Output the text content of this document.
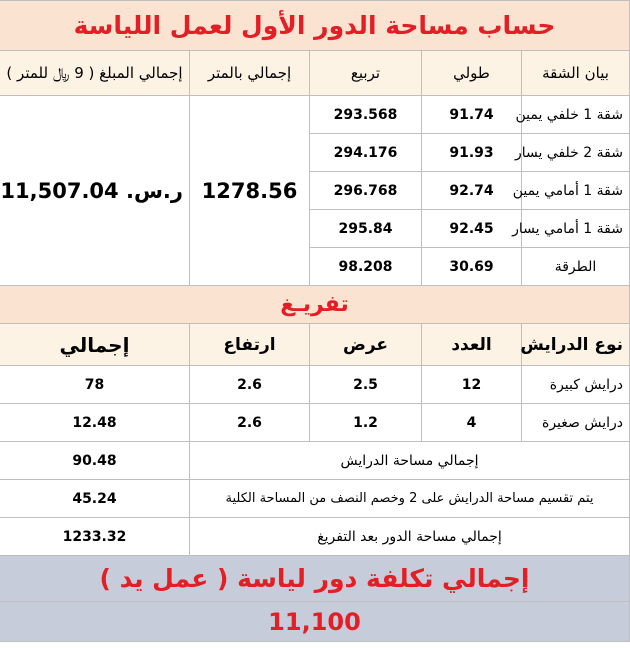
حساب مساحة الدور الأول لعمل اللياسة				
بيان الشقة	طولي	تربيع	إجمالي بالمتر	إجمالي المبلغ ( 9 ﷼ للمتر )
شقة 1 خلفي يمين	91.74	293.568	1278.56	ر.س. 11,507.04
شقة 2 خلفي يسار	91.93	294.176		
شقة 1 أمامي يمين	92.74	296.768		
شقة 1 أمامي يسار	92.45	295.84		
الطرقة	30.69	98.208		
تفريـغ				
نوع الدرايش	العدد	عرض	ارتفاع	إجمالي
درايش كبيرة	12	2.5	2.6	78
درايش صغيرة	4	1.2	2.6	12.48
إجمالي مساحة الدرايش				90.48
يتم تقسيم مساحة الدرايش على 2 وخصم النصف من المساحة الكلية				45.24
إجمالي مساحة الدور بعد التفريغ				1233.32
إجمالي تكلفة دور لياسة ( عمل يد )				
11,100				
